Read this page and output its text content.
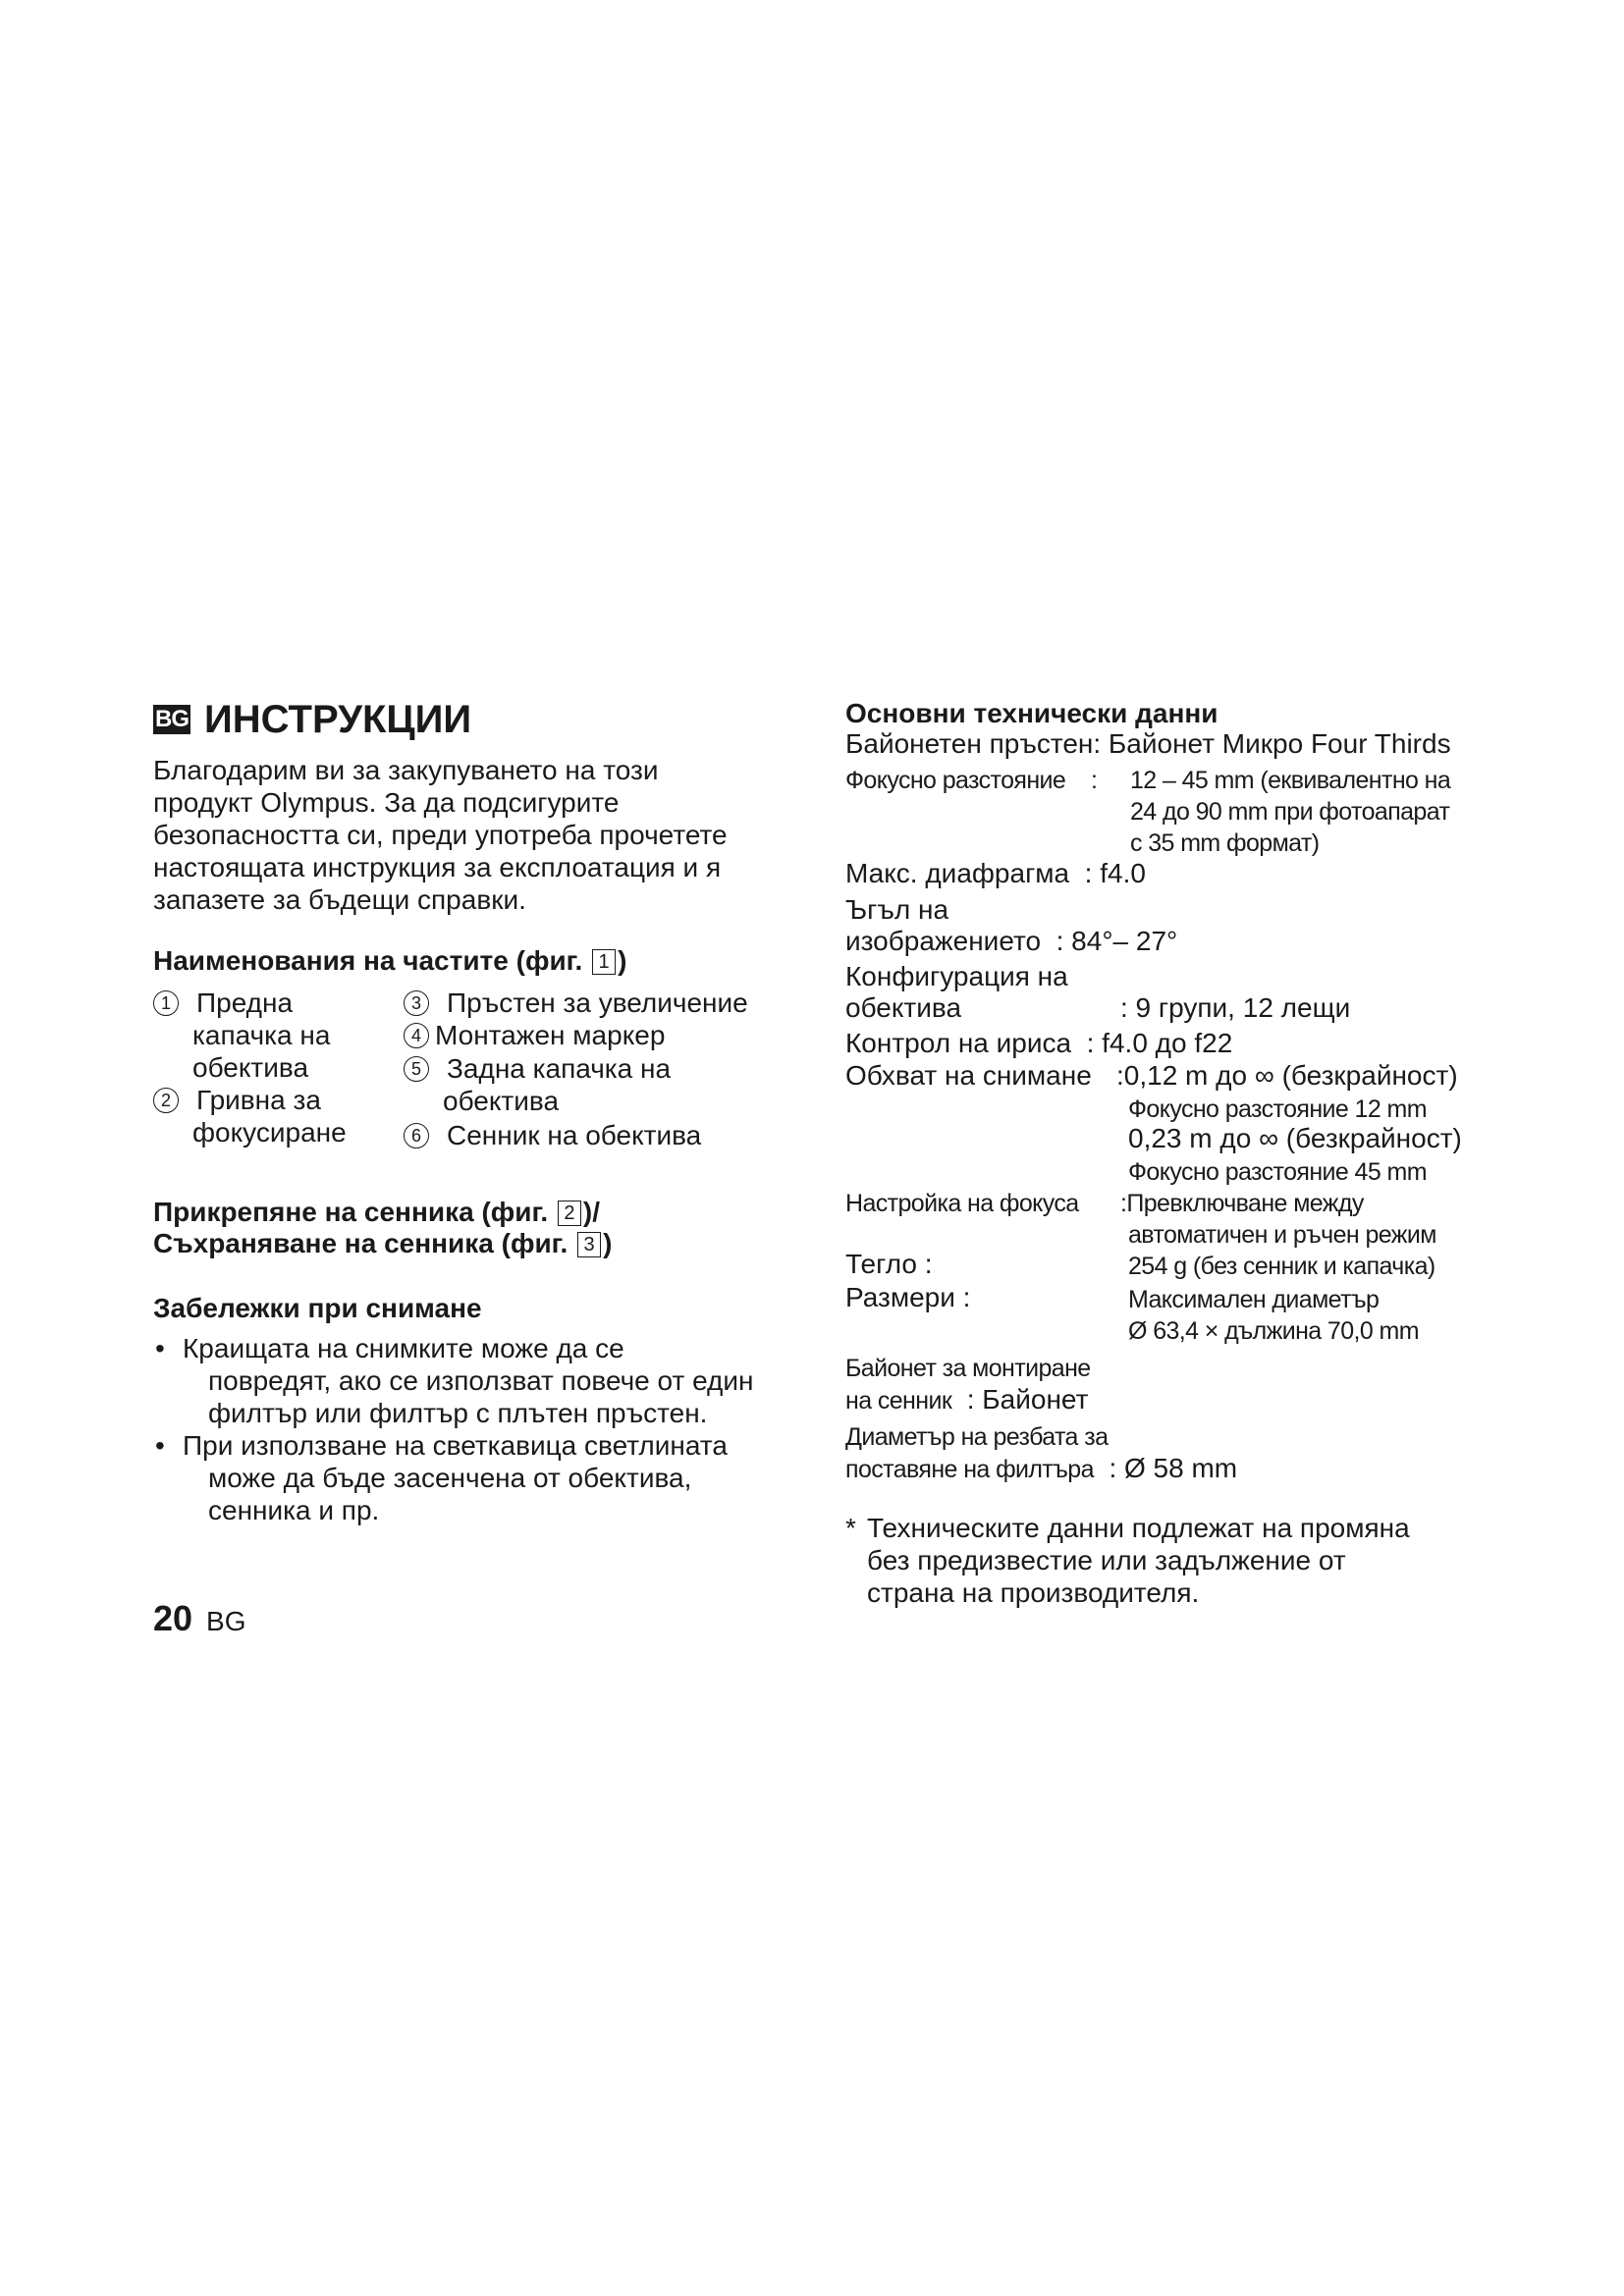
BG ИНСТРУКЦИИ
Благодарим ви за закупуването на този
продукт Olympus. За да подсигурите
безопасността си, преди употреба прочетете
настоящата инструкция за експлоатация и я
запазете за бъдещи справки.
Наименования на частите (фиг. 1 )
1 Предна
капачка на
обектива
2 Гривна за
фокусиране
3 Пръстен за увеличение
4 Монтажен маркер
5 Задна капачка на
обектива
6 Сенник на обектива
Прикрепяне на сенника (фиг. 2 )/
Съхраняване на сенника (фиг. 3 )
Забележки при снимане
• Краищата на снимките може да се
повредят, ако се използват повече от един
филтър или филтър с плътен пръстен.
• При използване на светкавица светлината
може да бъде засенчена от обектива,
сенника и пр.
20 BG
Основни технически данни
Байонетен пръстен: Байонет Микро Four Thirds
Фокусно разстояние : 12 – 45 mm (еквивалентно на
24 до 90 mm при фотоапарат
с 35 mm формат)
Макс. диафрагма : f4.0
Ъгъл на
изображението : 84°– 27°
Конфигурация на
обектива	: 9 групи, 12 лещи
Контрол на ириса : f4.0 до f22
Обхват на снимане :0,12 m до ∞ (безкрайност)
Фокусно разстояние 12 mm
0,23 m до ∞ (безкрайност)
Фокусно разстояние 45 mm
Настройка на фокуса :Превключване между
автоматичен и ръчен режим
Тегло :	254 g (без сенник и капачка)
Размери :	Максимален диаметър
Ø 63,4 × дължина 70,0 mm
Байонет за монтиране
на сенник : Байонет
Диаметър на резбата за
поставяне на филтъра : Ø 58 mm
* Техническите данни подлежат на промяна
без предизвестие или задължение от
страна на производителя.
